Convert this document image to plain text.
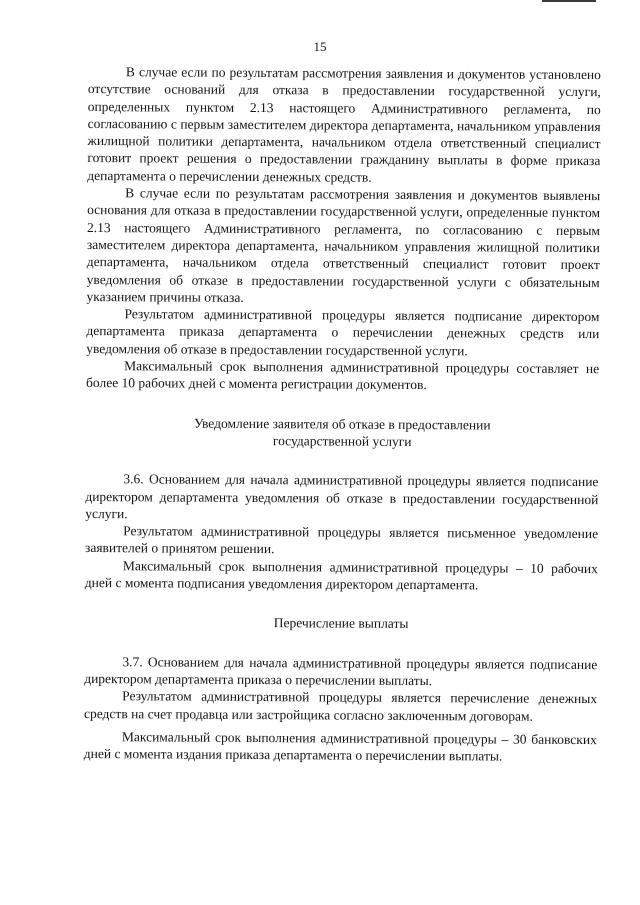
15

В случае если по результатам рассмотрения заявления и документов установлено отсутствие оснований для отказа в предоставлении государственной услуги, определенных пунктом 2.13 настоящего Административного регламента, по согласованию с первым заместителем директора департамента, начальником управления жилищной политики департамента, начальником отдела ответственный специалист готовит проект решения о предоставлении гражданину выплаты в форме приказа департамента о перечислении денежных средств.

В случае если по результатам рассмотрения заявления и документов выявлены основания для отказа в предоставлении государственной услуги, определенные пунктом 2.13 настоящего Административного регламента, по согласованию с первым заместителем директора департамента, начальником управления жилищной политики департамента, начальником отдела ответственный специалист готовит проект уведомления об отказе в предоставлении государственной услуги с обязательным указанием причины отказа.

Результатом административной процедуры является подписание директором департамента приказа департамента о перечислении денежных средств или уведомления об отказе в предоставлении государственной услуги.

Максимальный срок выполнения административной процедуры составляет не более 10 рабочих дней с момента регистрации документов.

Уведомление заявителя об отказе в предоставлении

государственной услуги

3.6. Основанием для начала административной процедуры является подписание директором департамента уведомления об отказе в предоставлении государственной услуги.

Результатом административной процедуры является письменное уведомление заявителей о принятом решении.

Максимальный срок выполнения административной процедуры – 10 рабочих дней с момента подписания уведомления директором департамента.

Перечисление выплаты

3.7. Основанием для начала административной процедуры является подписание директором департамента приказа о перечислении выплаты.

Результатом административной процедуры является перечисление денежных средств на счет продавца или застройщика согласно заключенным договорам.

Максимальный срок выполнения административной процедуры – 30 банковских дней с момента издания приказа департамента о перечислении выплаты.
